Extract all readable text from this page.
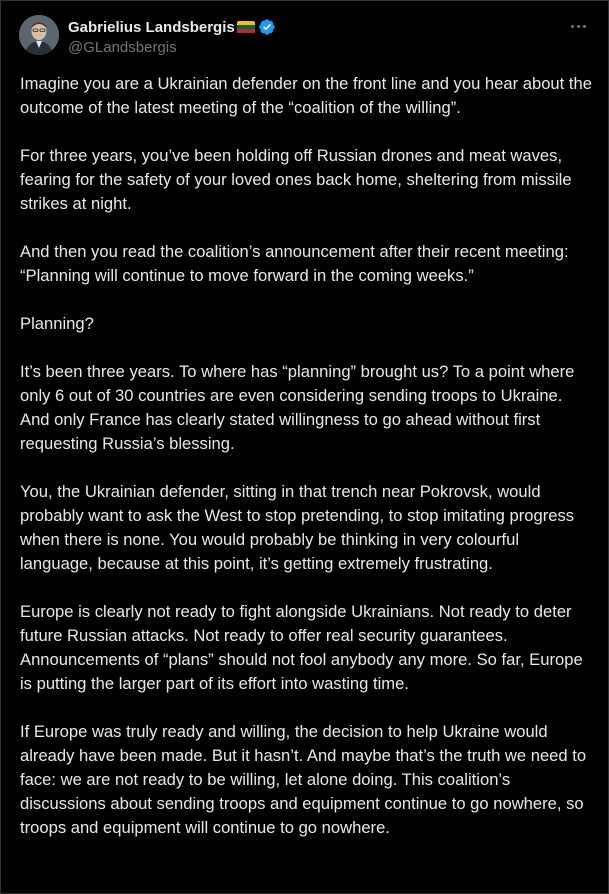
Gabrielius Landsbergis
@GLandsbergis

Imagine you are a Ukrainian defender on the front line and you hear about the outcome of the latest meeting of the “coalition of the willing”.

For three years, you’ve been holding off Russian drones and meat waves, fearing for the safety of your loved ones back home, sheltering from missile strikes at night.

And then you read the coalition’s announcement after their recent meeting:
“Planning will continue to move forward in the coming weeks.”

Planning?

It’s been three years. To where has “planning” brought us? To a point where only 6 out of 30 countries are even considering sending troops to Ukraine. And only France has clearly stated willingness to go ahead without first requesting Russia’s blessing.

You, the Ukrainian defender, sitting in that trench near Pokrovsk, would probably want to ask the West to stop pretending, to stop imitating progress when there is none. You would probably be thinking in very colourful language, because at this point, it’s getting extremely frustrating.

Europe is clearly not ready to fight alongside Ukrainians. Not ready to deter future Russian attacks. Not ready to offer real security guarantees. Announcements of “plans” should not fool anybody any more. So far, Europe is putting the larger part of its effort into wasting time.

If Europe was truly ready and willing, the decision to help Ukraine would already have been made. But it hasn’t. And maybe that’s the truth we need to face: we are not ready to be willing, let alone doing. This coalition’s discussions about sending troops and equipment continue to go nowhere, so troops and equipment will continue to go nowhere.
